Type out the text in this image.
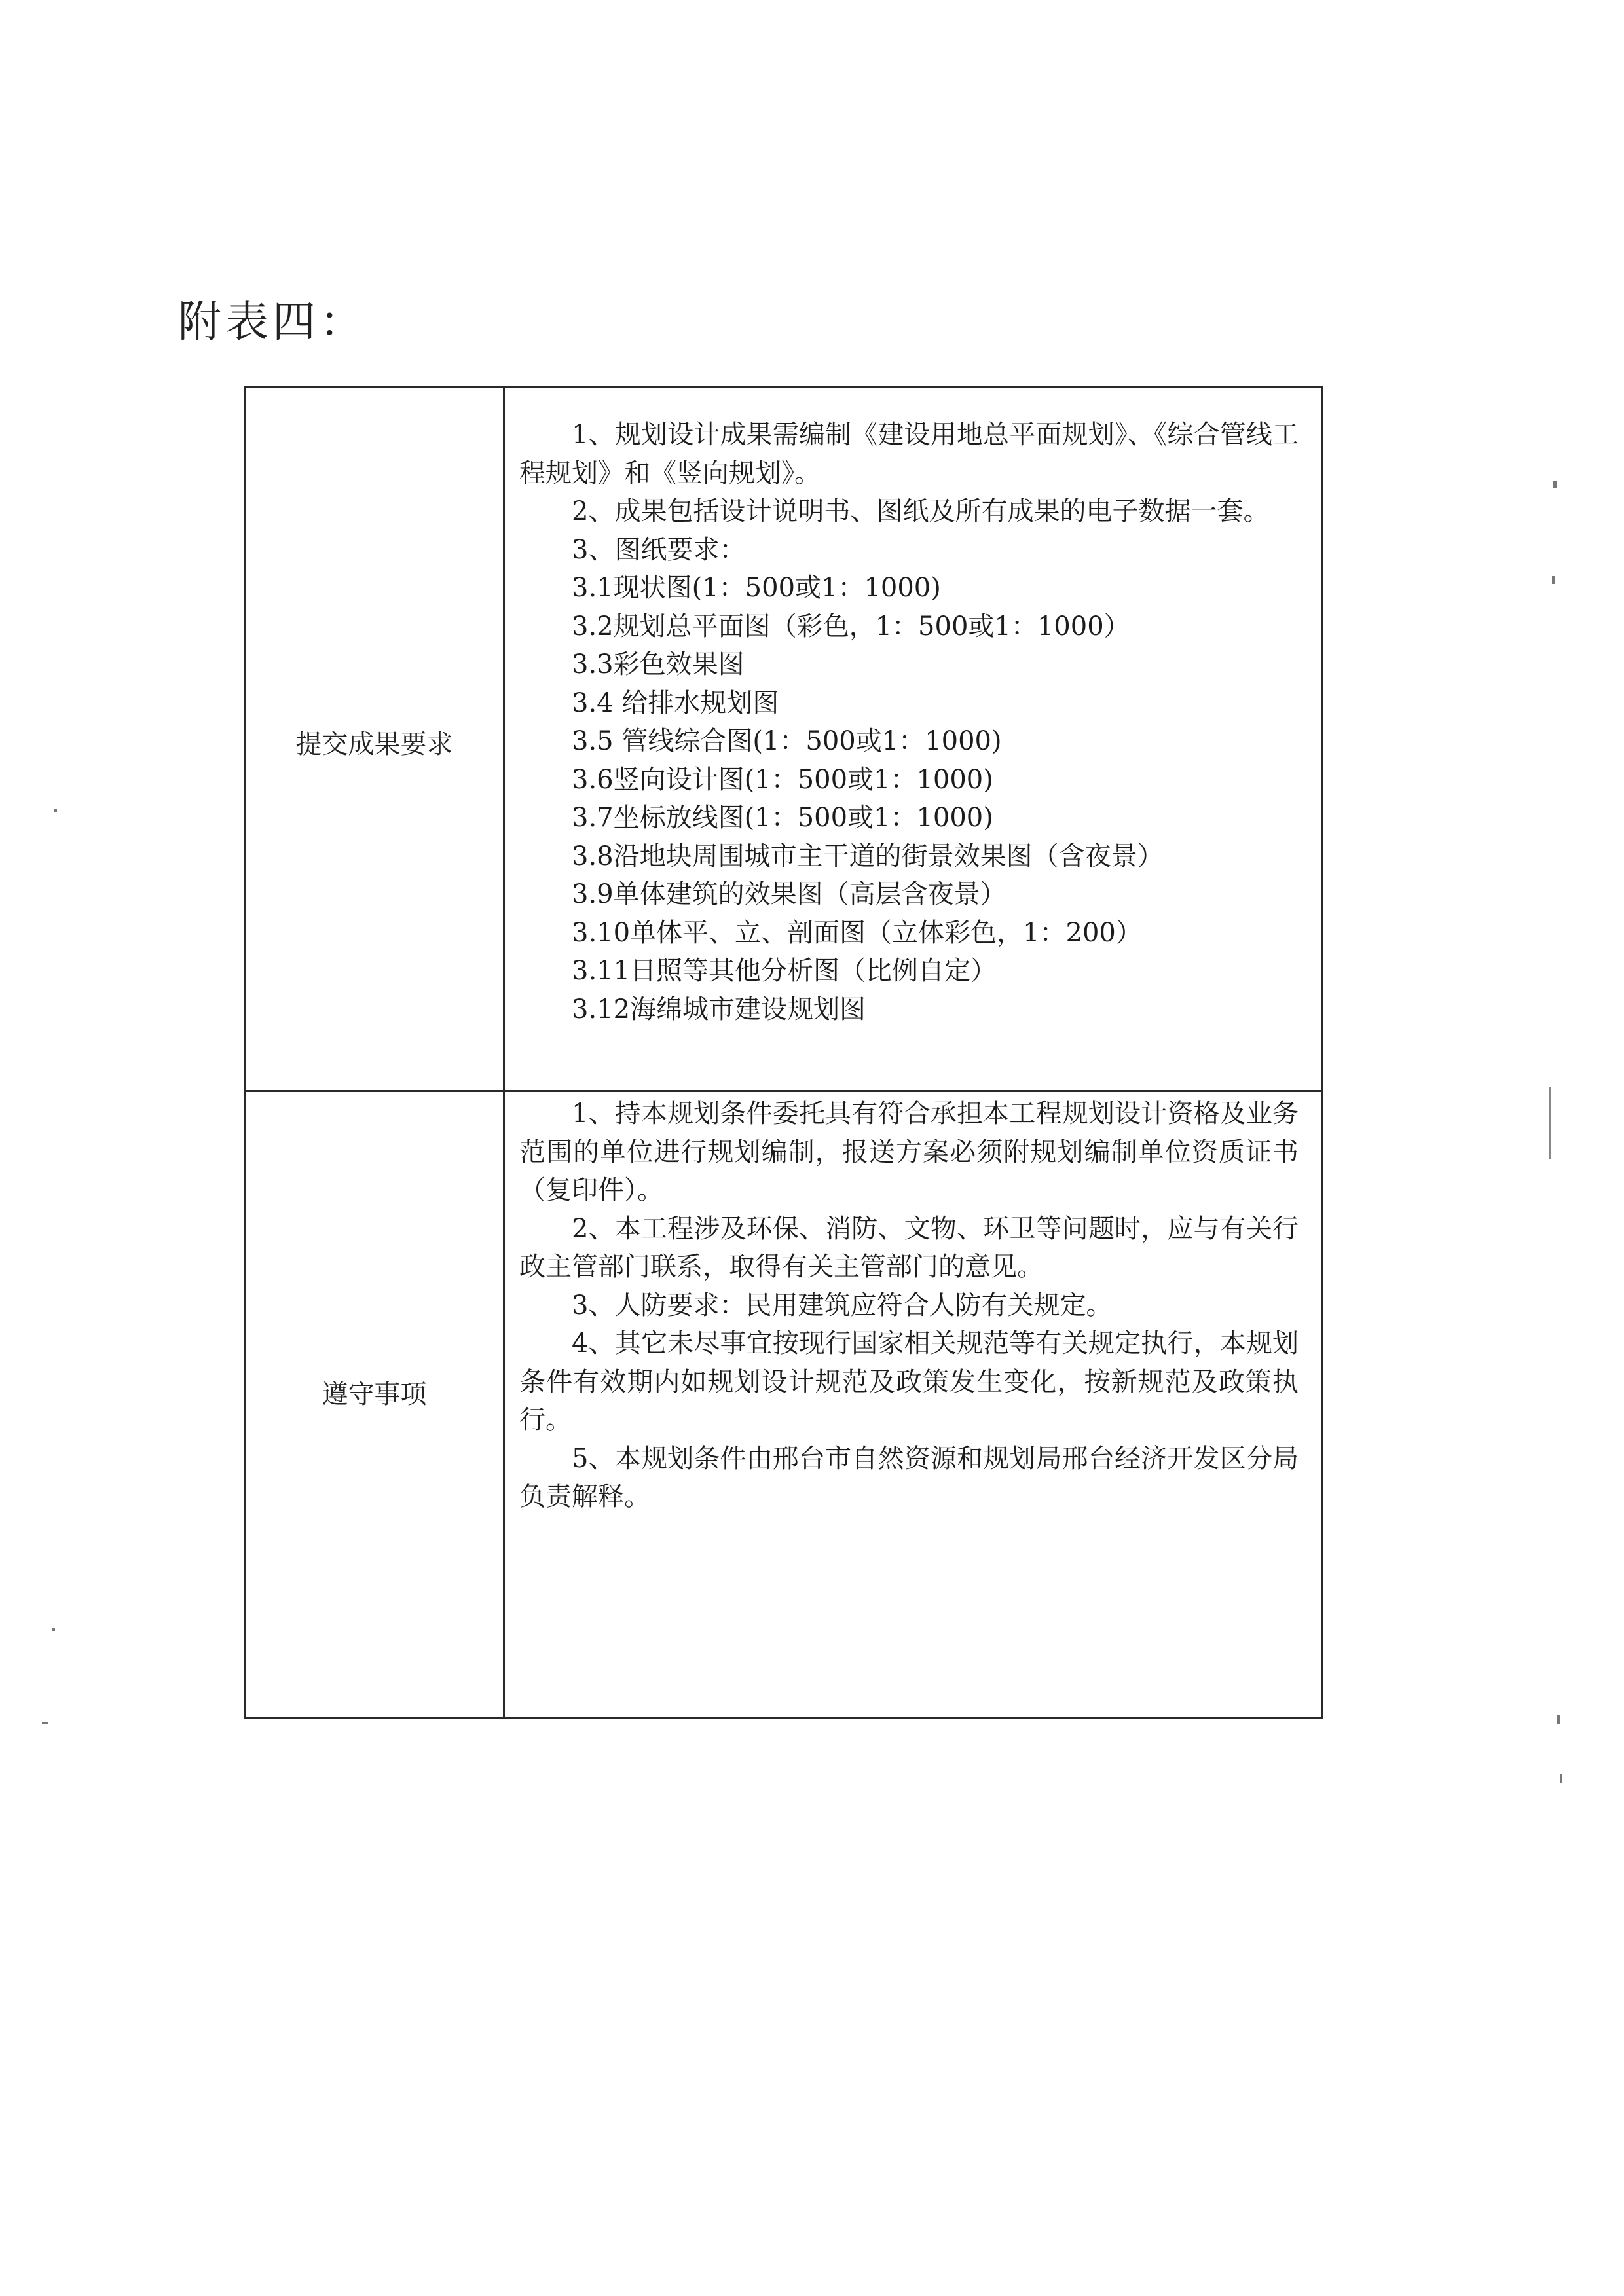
附表四：
提交成果要求

1、规划设计成果需编制《建设用地总平面规划》、《综合管线工程规划》和《竖向规划》。

2、成果包括设计说明书、图纸及所有成果的电子数据一套。

3、图纸要求：

3.1现状图(1：500或1：1000)

3.2规划总平面图（彩色，1：500或1：1000）

3.3彩色效果图

3.4 给排水规划图

3.5 管线综合图(1：500或1：1000)

3.6竖向设计图(1：500或1：1000)

3.7坐标放线图(1：500或1：1000)

3.8沿地块周围城市主干道的街景效果图（含夜景）

3.9单体建筑的效果图（高层含夜景）

3.10单体平、立、剖面图（立体彩色，1：200）

3.11日照等其他分析图（比例自定）

3.12海绵城市建设规划图

遵守事项

1、持本规划条件委托具有符合承担本工程规划设计资格及业务范围的单位进行规划编制，报送方案必须附规划编制单位资质证书（复印件）。

2、本工程涉及环保、消防、文物、环卫等问题时，应与有关行政主管部门联系，取得有关主管部门的意见。

3、人防要求：民用建筑应符合人防有关规定。

4、其它未尽事宜按现行国家相关规范等有关规定执行，本规划条件有效期内如规划设计规范及政策发生变化，按新规范及政策执行。

5、本规划条件由邢台市自然资源和规划局邢台经济开发区分局负责解释。
